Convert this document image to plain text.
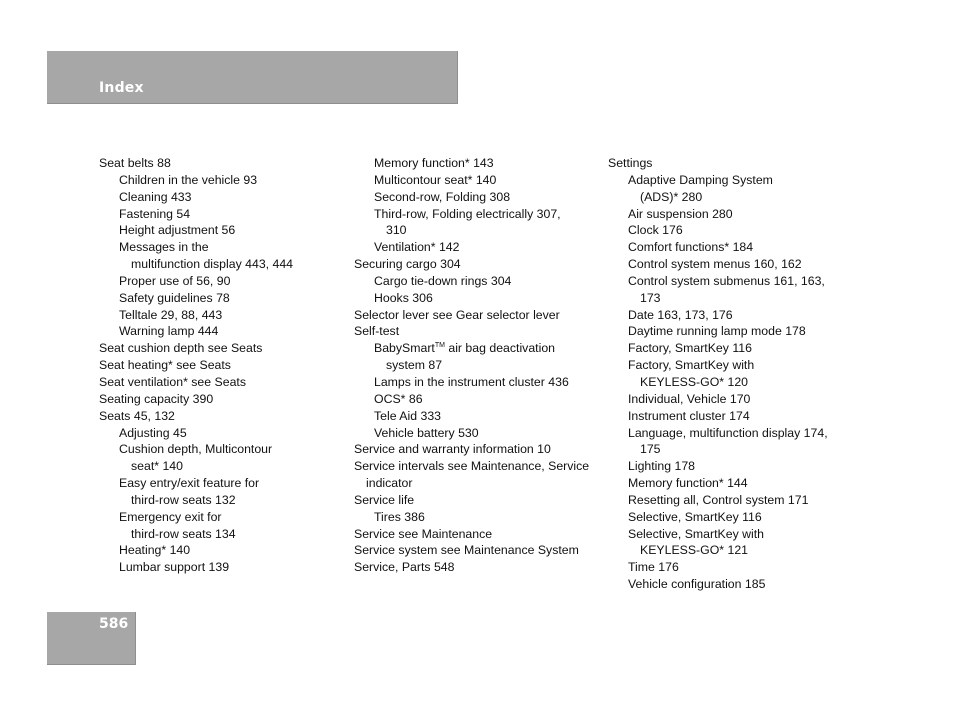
Index
Seat belts 88
Children in the vehicle 93
Cleaning 433
Fastening 54
Height adjustment 56
Messages in the
multifunction display 443, 444
Proper use of 56, 90
Safety guidelines 78
Telltale 29, 88, 443
Warning lamp 444
Seat cushion depth see Seats
Seat heating* see Seats
Seat ventilation* see Seats
Seating capacity 390
Seats 45, 132
Adjusting 45
Cushion depth, Multicontour
seat* 140
Easy entry/exit feature for
third-row seats 132
Emergency exit for
third-row seats 134
Heating* 140
Lumbar support 139
Memory function* 143
Multicontour seat* 140
Second-row, Folding 308
Third-row, Folding electrically 307,
310
Ventilation* 142
Securing cargo 304
Cargo tie-down rings 304
Hooks 306
Selector lever see Gear selector lever
Self-test
BabySmart™ air bag deactivation
system 87
Lamps in the instrument cluster 436
OCS* 86
Tele Aid 333
Vehicle battery 530
Service and warranty information 10
Service intervals see Maintenance, Service
indicator
Service life
Tires 386
Service see Maintenance
Service system see Maintenance System
Service, Parts 548
Settings
Adaptive Damping System
(ADS)* 280
Air suspension 280
Clock 176
Comfort functions* 184
Control system menus 160, 162
Control system submenus 161, 163,
173
Date 163, 173, 176
Daytime running lamp mode 178
Factory, SmartKey 116
Factory, SmartKey with
KEYLESS-GO* 120
Individual, Vehicle 170
Instrument cluster 174
Language, multifunction display 174,
175
Lighting 178
Memory function* 144
Resetting all, Control system 171
Selective, SmartKey 116
Selective, SmartKey with
KEYLESS-GO* 121
Time 176
Vehicle configuration 185
586
